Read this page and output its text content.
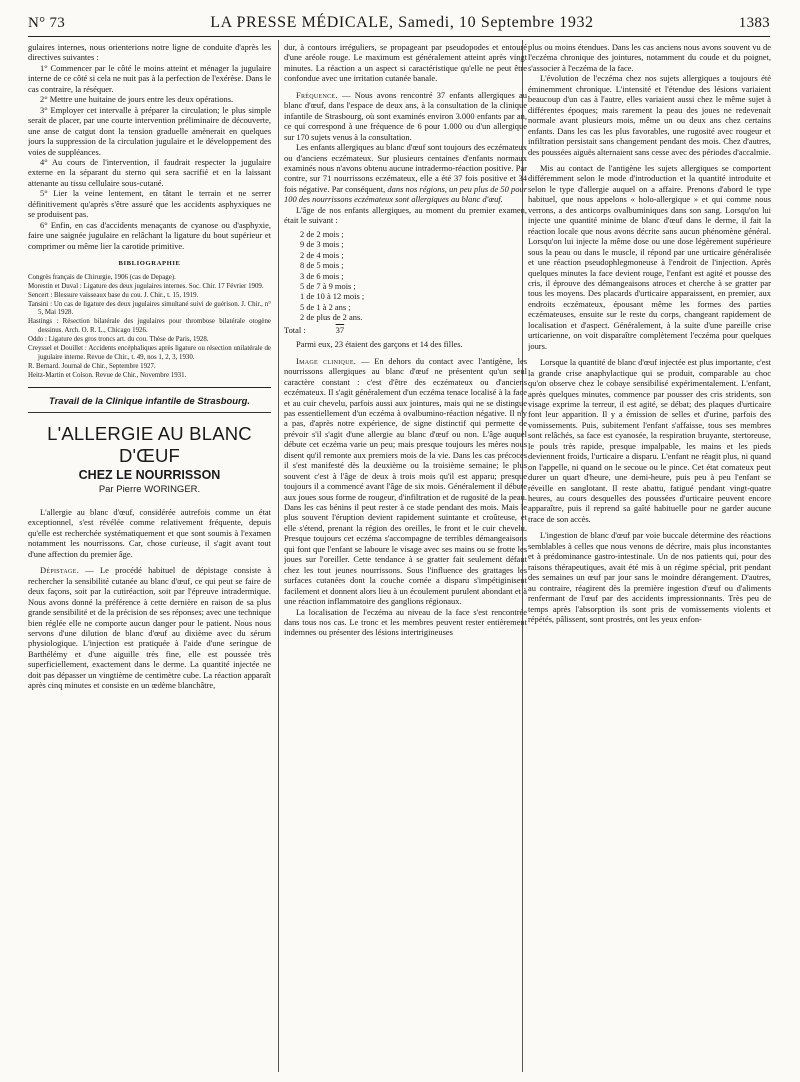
N° 73	LA PRESSE MÉDICALE, Samedi, 10 Septembre 1932	1383

gulaires internes, nous orienterions notre ligne de conduite d'après les directives suivantes :

1° Commencer par le côté le moins atteint et ménager la jugulaire interne de ce côté si cela ne nuit pas à la perfection de l'exérèse. Dans le cas contraire, la réséquer.

2° Mettre une huitaine de jours entre les deux opérations.

3° Employer cet intervalle à préparer la circulation; le plus simple serait de placer, par une courte intervention préliminaire de découverte, une anse de catgut dont la tension graduelle amènerait en quelques jours la suppression de la circulation jugulaire et le développement des voies de suppléances.

4° Au cours de l'intervention, il faudrait respecter la jugulaire externe en la séparant du sterno qui sera sacrifié et en la laissant attenante au tissu cellulaire sous-cutané.

5° Lier la veine lentement, en tâtant le terrain et ne serrer définitivement qu'après s'être assuré que les accidents asphyxiques ne se produisent pas.

6° Enfin, en cas d'accidents menaçants de cyanose ou d'asphyxie, faire une saignée jugulaire en relâchant la ligature du bout supérieur et comprimer ou même lier la carotide primitive.

BIBLIOGRAPHIE
Congrès français de Chirurgie, 1906 (cas de Depage).
Morestin et Duval : Ligature des deux jugulaires internes. Soc. Chir. 17 Février 1909.
Sencert : Blessure vaisseaux base du cou. J. Chir., t. 15, 1919.
Tansini : Un cas de ligature des deux jugulaires simultané suivi de guérison. J. Chir., n° 5, Mai 1928.
Hastings : Résection bilatérale des jugulaires pour thrombose bilatérale otogène dessinus. Arch. O. R. L., Chicago 1926.
Oddo : Ligature des gros troncs art. du cou. Thèse de Paris, 1928.
Creyssel et Douillet : Accidents encéphaliques après ligature ou résection unilatérale de jugulaire interne. Revue de Chir., t. 49, nos 1, 2, 3, 1930.
R. Bernard. Journal de Chir., Septembre 1927.
Heitz-Martin et Colson. Revue de Chir., Novembre 1931.
Travail de la Clinique infantile de Strasbourg.
L'ALLERGIE AU BLANC D'ŒUF
CHEZ LE NOURRISSON
Par Pierre WORINGER.

L'allergie au blanc d'œuf, considérée autrefois comme un état exceptionnel, s'est révélée comme relativement fréquente, depuis qu'elle est recherchée systématiquement et que sont soumis à l'examen notamment les nourrissons. Car, chose curieuse, il s'agit avant tout d'une affection du premier âge.

Dépistage. — Le procédé habituel de dépistage consiste à rechercher la sensibilité cutanée au blanc d'œuf, ce qui peut se faire de deux façons, soit par la cutiréaction, soit par l'épreuve intradermique. Nous avons donné la préférence à cette dernière en raison de sa plus grande sensibilité et de la précision de ses réponses; avec une technique bien réglée elle ne comporte aucun danger pour le patient. Nous nous servons d'une dilution de blanc d'œuf au dixième avec du sérum physiologique. L'injection est pratiquée à l'aide d'une seringue de Barthélémy et d'une aiguille très fine, elle est poussée très superficiellement, exactement dans le derme. La quantité injectée ne doit pas dépasser un vingtième de centimètre cube. La réaction apparaît après cinq minutes et consiste en un œdème blanchâtre,

dur, à contours irréguliers, se propageant par pseudopodes et entouré d'une aréole rouge. Le maximum est généralement atteint après vingt minutes. La réaction a un aspect si caractéristique qu'elle ne peut être confondue avec une irritation cutanée banale.

Fréquence. — Nous avons rencontré 37 enfants allergiques au blanc d'œuf, dans l'espace de deux ans, à la consultation de la clinique infantile de Strasbourg, où sont examinés environ 3.000 enfants par an, ce qui correspond à une fréquence de 6 pour 1.000 ou d'un allergique sur 170 sujets venus à la consultation.

Les enfants allergiques au blanc d'œuf sont toujours des eczémateux ou d'anciens eczémateux. Sur plusieurs centaines d'enfants normaux examinés nous n'avons obtenu aucune intradermo-réaction positive. Par contre, sur 71 nourrissons eczémateux, elle a été 37 fois positive et 34 fois négative. Par conséquent, dans nos régions, un peu plus de 50 pour 100 des nourrissons eczémateux sont allergiques au blanc d'œuf.

L'âge de nos enfants allergiques, au moment du premier examen, était le suivant :

2 de 2 mois ;
9 de 3 mois ;
2 de 4 mois ;
8 de 5 mois ;
3 de 6 mois ;
5 de 7 à 9 mois ;
1 de 10 à 12 mois ;
5 de 1 à 2 ans ;
2 de plus de 2 ans.
Total :	37

Parmi eux, 23 étaient des garçons et 14 des filles.

Image clinique. — En dehors du contact avec l'antigène, les nourrissons allergiques au blanc d'œuf ne présentent qu'un seul caractère constant : c'est d'être des eczémateux ou d'anciens eczémateux. Il s'agit généralement d'un eczéma tenace localisé à la face et au cuir chevelu, parfois aussi aux jointures, mais qui ne se distingue pas essentiellement d'un eczéma à ovalbumino-réaction négative. Il n'y a pas, d'après notre expérience, de signe distinctif qui permette de prévoir s'il s'agit d'une allergie au blanc d'œuf ou non. L'âge auquel débute cet eczéma varie un peu; mais presque toujours les mères nous disent qu'il remonte aux premiers mois de la vie. Dans les cas précoces il s'est manifesté dès la deuxième ou la troisième semaine; le plus souvent c'est à l'âge de deux à trois mois qu'il est apparu; presque toujours il a commencé avant l'âge de six mois. Généralement il débute aux joues sous forme de rougeur, d'infiltration et de rugosité de la peau. Dans les cas bénins il peut rester à ce stade pendant des mois. Mais le plus souvent l'éruption devient rapidement suintante et croûteuse, et elle s'étend, prenant la région des oreilles, le front et le cuir chevelu. Presque toujours cet eczéma s'accompagne de terribles démangeaisons qui font que l'enfant se laboure le visage avec ses mains ou se frotte les joues sur l'oreiller. Cette tendance à se gratter fait seulement défaut chez les tout jeunes nourrissons. Sous l'influence des grattages les surfaces cutanées dont la couche cornée a disparu s'impétiginisent facilement et donnent alors lieu à un écoulement purulent abondant et à une réaction inflammatoire des ganglions régionaux.

La localisation de l'eczéma au niveau de la face s'est rencontrée dans tous nos cas. Le tronc et les membres peuvent rester entièrement indemnes ou présenter des lésions intertrigineuses

plus ou moins étendues. Dans les cas anciens nous avons souvent vu de l'eczéma chronique des jointures, notamment du coude et du poignet, s'associer à l'eczéma de la face.

L'évolution de l'eczéma chez nos sujets allergiques a toujours été éminemment chronique. L'intensité et l'étendue des lésions variaient beaucoup d'un cas à l'autre, elles variaient aussi chez le même sujet à différentes époques; mais rarement la peau des joues ne redevenait normale avant plusieurs mois, même un ou deux ans chez certains enfants. Dans les cas les plus favorables, une rugosité avec rougeur et infiltration persistait sans changement pendant des mois. Chez d'autres, des poussées aiguës alternaient sans cesse avec des périodes d'accalmie.

Mis au contact de l'antigène les sujets allergiques se comportent différemment selon le mode d'introduction et la quantité introduite et selon le type d'allergie auquel on a affaire. Prenons d'abord le type habituel, que nous appelons « holo-allergique » et qui comme nous verrons, a des anticorps ovalbuminiques dans son sang. Lorsqu'on lui injecte une quantité minime de blanc d'œuf dans le derme, il fait la réaction locale que nous avons décrite sans aucun phénomène général. Lorsqu'on lui injecte la même dose ou une dose légèrement supérieure sous la peau ou dans le muscle, il répond par une urticaire généralisée et une réaction pseudophlegmoneuse à l'endroit de l'injection. Après quelques minutes la face devient rouge, l'enfant est agité et pousse des cris, il éprouve des démangeaisons atroces et cherche à se gratter par tous les moyens. Des placards d'urticaire apparaissent, en premier, aux endroits eczémateux, épousant même les formes des parties eczémateuses, ensuite sur le reste du corps, changeant rapidement de localisation et d'aspect. Généralement, à la suite d'une pareille crise urticarienne, on voit disparaître complètement l'eczéma pour quelques jours.

Lorsque la quantité de blanc d'œuf injectée est plus importante, c'est la grande crise anaphylactique qui se produit, comparable au choc qu'on observe chez le cobaye sensibilisé expérimentalement. L'enfant, après quelques minutes, commence par pousser des cris stridents, son visage exprime la terreur, il est agité, se débat; des plaques d'urticaire font leur apparition. Il y a émission de selles et d'urine, parfois des vomissements. Puis, subitement l'enfant s'affaisse, tous ses membres sont relâchés, sa face est cyanosée, la respiration bruyante, stertoreuse, le pouls très rapide, presque impalpable, les mains et les pieds deviennent froids, l'urticaire a disparu. L'enfant ne réagit plus, ni quand on l'appelle, ni quand on le secoue ou le pince. Cet état comateux peut durer un quart d'heure, une demi-heure, puis peu à peu l'enfant se réveille en sanglotant. Il reste abattu, fatigué pendant vingt-quatre heures, au cours desquelles des poussées d'urticaire peuvent encore apparaître, puis il reprend sa gaîté habituelle pour ne garder aucune trace de son accès.

L'ingestion de blanc d'œuf par voie buccale détermine des réactions semblables à celles que nous venons de décrire, mais plus inconstantes et à prédominance gastro-intestinale. Un de nos patients qui, pour des raisons thérapeutiques, avait été mis à un régime spécial, prit pendant des semaines un œuf par jour sans le moindre dérangement. D'autres, au contraire, réagirent dès la première ingestion d'œuf ou d'aliments renfermant de l'œuf par des accidents impressionnants. Très peu de temps après l'absorption ils sont pris de vomissements violents et répétés, pâlissent, sont prostrés, ont les yeux enfon-
